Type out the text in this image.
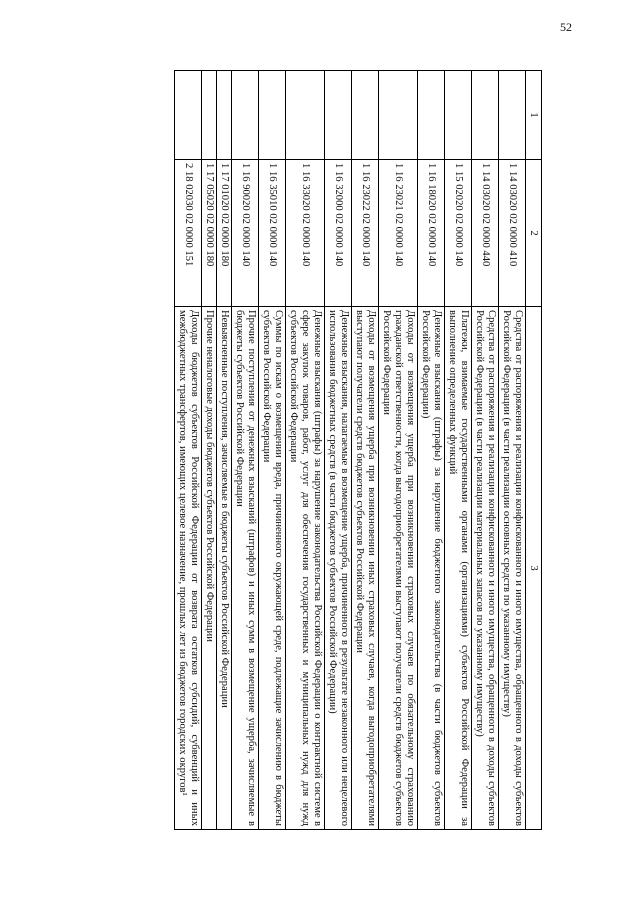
52
1	2	3
	1 14 03020 02 0000 410	Средства от распоряжения и реализации конфискованного и иного имущества, обращенного в доходы субъектов Российской Федерации (в части реализации основных средств по указанному имуществу)
	1 14 03020 02 0000 440	Средства от распоряжения и реализации конфискованного и иного имущества, обращенного в доходы субъектов Российской Федерации (в части реализации материальных запасов по указанному имуществу)
	1 15 02020 02 0000 140	Платежи, взимаемые государственными органами (организациями) субъектов Российской Федерации за выполнение определенных функций
	1 16 18020 02 0000 140	Денежные взыскания (штрафы) за нарушение бюджетного законодательства (в части бюджетов субъектов Российской Федерации)
	1 16 23021 02 0000 140	Доходы от возмещения ущерба при возникновении страховых случаев по обязательному страхованию гражданской ответственности, когда выгодоприобретателями выступают получатели средств бюджетов субъектов Российской Федерации
	1 16 23022 02 0000 140	Доходы от возмещения ущерба при возникновении иных страховых случаев, когда выгодоприобретателями выступают получатели средств бюджетов субъектов Российской Федерации
	1 16 32000 02 0000 140	Денежные взыскания, налагаемые в возмещение ущерба, причиненного в результате незаконного или нецелевого использования бюджетных средств (в части бюджетов субъектов Российской Федерации)
	1 16 33020 02 0000 140	Денежные взыскания (штрафы) за нарушение законодательства Российской Федерации о контрактной системе в сфере закупок товаров, работ, услуг для обеспечения государственных и муниципальных нужд для нужд субъектов Российской Федерации
	1 16 35010 02 0000 140	Суммы по искам о возмещении вреда, причиненного окружающей среде, подлежащие зачислению в бюджеты субъектов Российской Федерации
	1 16 90020 02 0000 140	Прочие поступления от денежных взысканий (штрафов) и иных сумм в возмещение ущерба, зачисляемые в бюджеты субъектов Российской Федерации
	1 17 01020 02 0000 180	Невыясненные поступления, зачисляемые в бюджеты субъектов Российской Федерации
	1 17 05020 02 0000 180	Прочие неналоговые доходы бюджетов субъектов Российской Федерации
	2 18 02030 02 0000 151	Доходы бюджетов субъектов Российской Федерации от возврата остатков субсидий, субвенций и иных межбюджетных трансфертов, имеющих целевое назначение, прошлых лет из бюджетов городских округов¹
